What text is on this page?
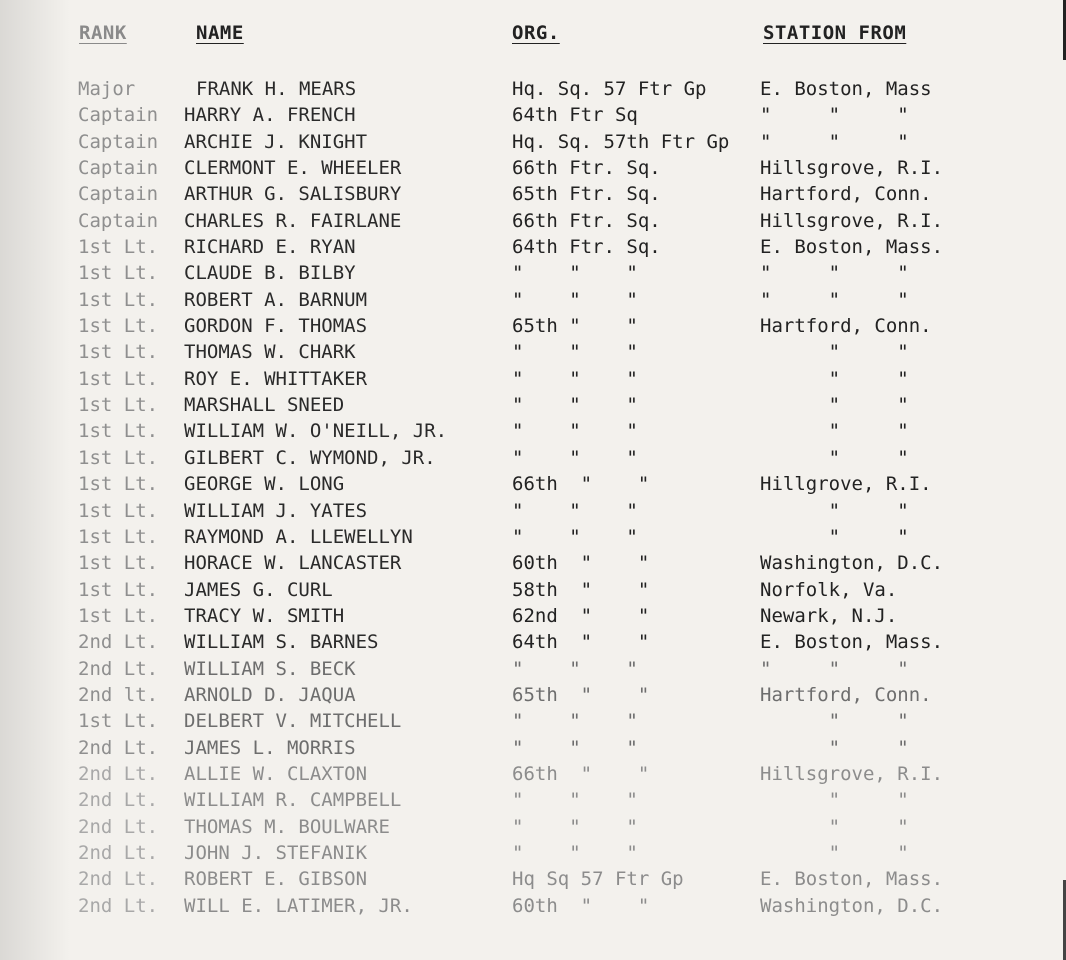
RANK	NAME	ORG.	STATION FROM
Major	FRANK H. MEARS	Hq. Sq. 57 Ftr Gp	E. Boston, Mass
Captain HARRY A. FRENCH	64th Ftr Sq	"     "     "
Captain ARCHIE J. KNIGHT	Hq. Sq. 57th Ftr Gp "     "     "
Captain CLERMONT E. WHEELER	66th Ftr. Sq.	Hillsgrove, R.I.
Captain ARTHUR G. SALISBURY	65th Ftr. Sq.	Hartford, Conn.
Captain CHARLES R. FAIRLANE	66th Ftr. Sq.	Hillsgrove, R.I.
1st Lt. RICHARD E. RYAN	64th Ftr. Sq.	E. Boston, Mass.
1st Lt. CLAUDE B. BILBY	"    "    "	"     "     "
1st Lt. ROBERT A. BARNUM	"    "    "	"     "     "
1st Lt. GORDON F. THOMAS	65th "    "	Hartford, Conn.
1st Lt. THOMAS W. CHARK	"    "    "	"     "
1st Lt. ROY E. WHITTAKER	"    "    "	"     "
1st Lt. MARSHALL SNEED	"    "    "	"     "
1st Lt. WILLIAM W. O'NEILL, JR.	"    "    "	"     "
1st Lt. GILBERT C. WYMOND, JR.	"    "    "	"     "
1st Lt. GEORGE W. LONG	66th  "    "	Hillgrove, R.I.
1st Lt. WILLIAM J. YATES	"    "    "	"     "
1st Lt. RAYMOND A. LLEWELLYN	"    "    "	"     "
1st Lt. HORACE W. LANCASTER	60th  "    "	Washington, D.C.
1st Lt. JAMES G. CURL	58th  "    "	Norfolk, Va.
1st Lt. TRACY W. SMITH	62nd  "    "	Newark, N.J.
2nd Lt. WILLIAM S. BARNES	64th  "    "	E. Boston, Mass.
2nd Lt. WILLIAM S. BECK	"    "    "	"     "     "
2nd lt. ARNOLD D. JAQUA	65th  "    "	Hartford, Conn.
1st Lt. DELBERT V. MITCHELL	"    "    "	"     "
2nd Lt. JAMES L. MORRIS	"    "    "	"     "
2nd Lt. ALLIE W. CLAXTON	66th  "    "	Hillsgrove, R.I.
2nd Lt. WILLIAM R. CAMPBELL	"    "    "	"     "
2nd Lt. THOMAS M. BOULWARE	"    "    "	"     "
2nd Lt. JOHN J. STEFANIK	"    "    "	"     "
2nd Lt. ROBERT E. GIBSON	Hq Sq 57 Ftr Gp	E. Boston, Mass.
2nd Lt. WILL E. LATIMER, JR.	60th  "    "	Washington, D.C.
